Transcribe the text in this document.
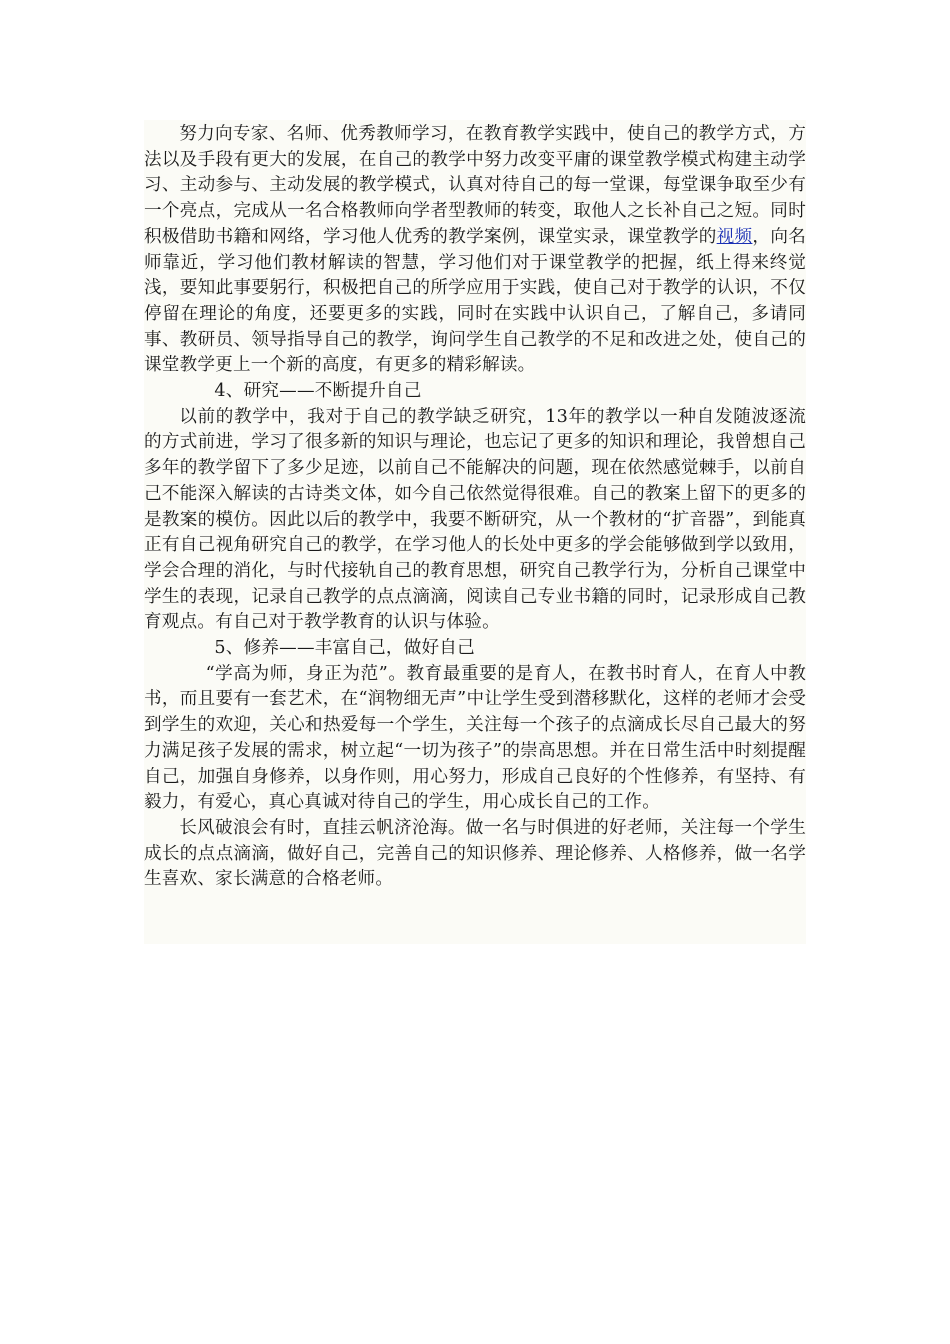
努力向专家、名师、优秀教师学习，在教育教学实践中，使自己的教学方式，方法以及手段有更大的发展，在自己的教学中努力改变平庸的课堂教学模式构建主动学习、主动参与、主动发展的教学模式，认真对待自己的每一堂课，每堂课争取至少有一个亮点，完成从一名合格教师向学者型教师的转变，取他人之长补自己之短。同时积极借助书籍和网络，学习他人优秀的教学案例，课堂实录，课堂教学的视频，向名师靠近，学习他们教材解读的智慧，学习他们对于课堂教学的把握，纸上得来终觉浅，要知此事要躬行，积极把自己的所学应用于实践，使自己对于教学的认识，不仅停留在理论的角度，还要更多的实践，同时在实践中认识自己，了解自己，多请同事、教研员、领导指导自己的教学，询问学生自己教学的不足和改进之处，使自己的课堂教学更上一个新的高度，有更多的精彩解读。

4、研究——不断提升自己

以前的教学中，我对于自己的教学缺乏研究，13年的教学以一种自发随波逐流的方式前进，学习了很多新的知识与理论，也忘记了更多的知识和理论，我曾想自己多年的教学留下了多少足迹，以前自己不能解决的问题，现在依然感觉棘手，以前自己不能深入解读的古诗类文体，如今自己依然觉得很难。自己的教案上留下的更多的是教案的模仿。因此以后的教学中，我要不断研究，从一个教材的“扩音器”，到能真正有自己视角研究自己的教学，在学习他人的长处中更多的学会能够做到学以致用，学会合理的消化，与时代接轨自己的教育思想，研究自己教学行为，分析自己课堂中学生的表现，记录自己教学的点点滴滴，阅读自己专业书籍的同时，记录形成自己教育观点。有自己对于教学教育的认识与体验。

5、修养——丰富自己，做好自己

“学高为师，身正为范”。教育最重要的是育人，在教书时育人，在育人中教书，而且要有一套艺术，在“润物细无声”中让学生受到潜移默化，这样的老师才会受到学生的欢迎，关心和热爱每一个学生，关注每一个孩子的点滴成长尽自己最大的努力满足孩子发展的需求，树立起“一切为孩子”的崇高思想。并在日常生活中时刻提醒自己，加强自身修养，以身作则，用心努力，形成自己良好的个性修养，有坚持、有毅力，有爱心，真心真诚对待自己的学生，用心成长自己的工作。

长风破浪会有时，直挂云帆济沧海。做一名与时俱进的好老师，关注每一个学生成长的点点滴滴，做好自己，完善自己的知识修养、理论修养、人格修养，做一名学生喜欢、家长满意的合格老师。
